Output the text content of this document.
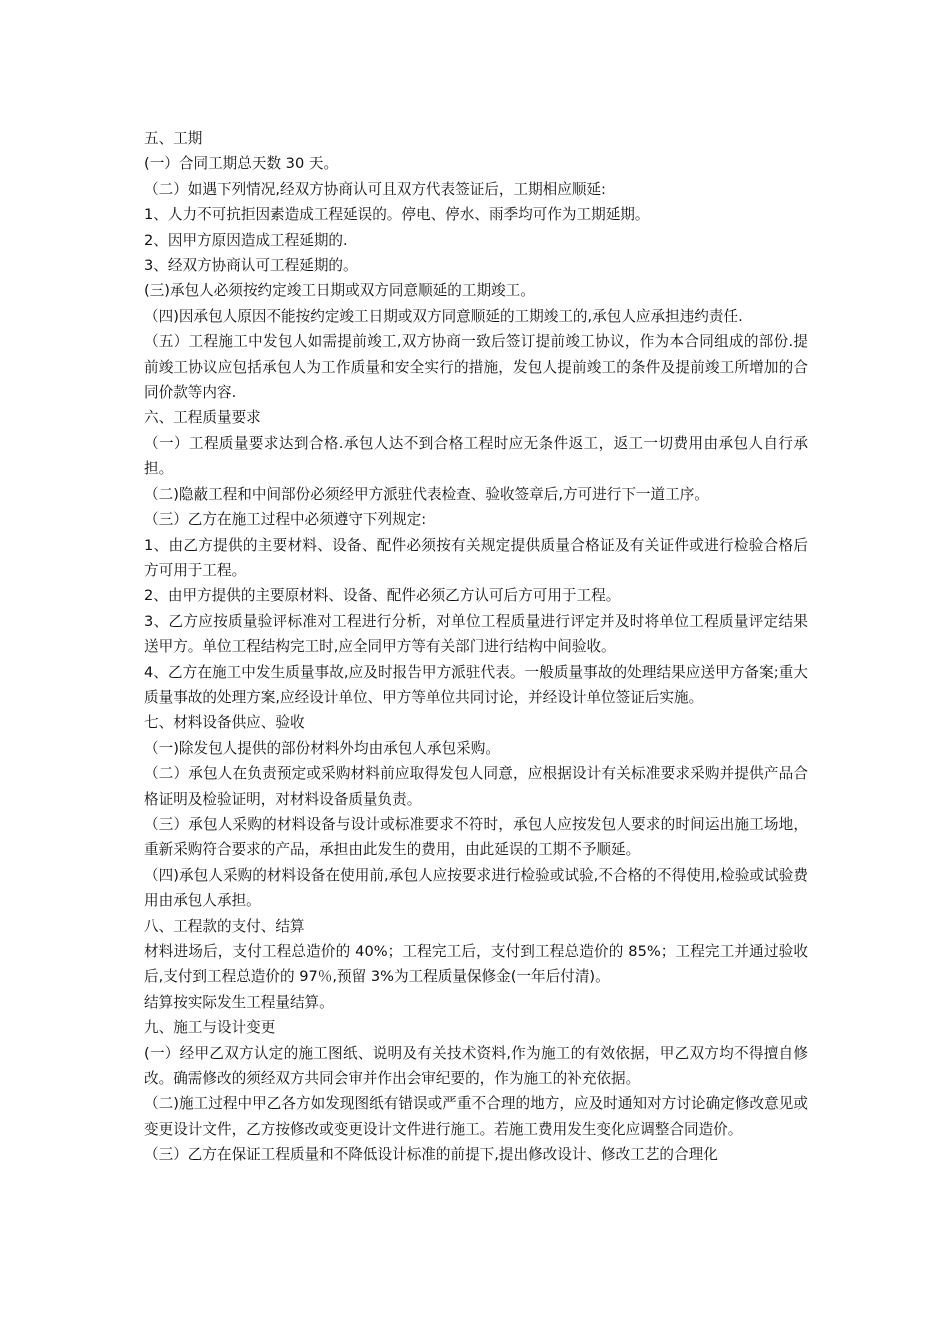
五、工期

(一）合同工期总天数 30 天。

（二）如遇下列情况,经双方协商认可且双方代表签证后，工期相应顺延:

1、人力不可抗拒因素造成工程延误的。停电、停水、雨季均可作为工期延期。

2、因甲方原因造成工程延期的.

3、经双方协商认可工程延期的。

(三)承包人必须按约定竣工日期或双方同意顺延的工期竣工。

（四)因承包人原因不能按约定竣工日期或双方同意顺延的工期竣工的,承包人应承担违约责任.

（五）工程施工中发包人如需提前竣工,双方协商一致后签订提前竣工协议，作为本合同组成的部份.提前竣工协议应包括承包人为工作质量和安全实行的措施，发包人提前竣工的条件及提前竣工所增加的合同价款等内容.

六、工程质量要求

（一）工程质量要求达到合格.承包人达不到合格工程时应无条件返工，返工一切费用由承包人自行承担。

（二)隐蔽工程和中间部份必须经甲方派驻代表检查、验收签章后,方可进行下一道工序。

（三）乙方在施工过程中必须遵守下列规定:

1、由乙方提供的主要材料、设备、配件必须按有关规定提供质量合格证及有关证件或进行检验合格后方可用于工程。

2、由甲方提供的主要原材料、设备、配件必须乙方认可后方可用于工程。

3、乙方应按质量验评标准对工程进行分析，对单位工程质量进行评定并及时将单位工程质量评定结果送甲方。单位工程结构完工时,应全同甲方等有关部门进行结构中间验收。

4、乙方在施工中发生质量事故,应及时报告甲方派驻代表。一般质量事故的处理结果应送甲方备案;重大质量事故的处理方案,应经设计单位、甲方等单位共同讨论，并经设计单位签证后实施。

七、材料设备供应、验收

（一)除发包人提供的部份材料外均由承包人承包采购。

（二）承包人在负责预定或采购材料前应取得发包人同意，应根据设计有关标准要求采购并提供产品合格证明及检验证明，对材料设备质量负责。

（三）承包人采购的材料设备与设计或标准要求不符时，承包人应按发包人要求的时间运出施工场地，重新采购符合要求的产品，承担由此发生的费用，由此延误的工期不予顺延。

（四)承包人采购的材料设备在使用前,承包人应按要求进行检验或试验,不合格的不得使用,检验或试验费用由承包人承担。

八、工程款的支付、结算

材料进场后，支付工程总造价的 40%；工程完工后，支付到工程总造价的 85%；工程完工并通过验收后,支付到工程总造价的 97％,预留 3%为工程质量保修金(一年后付清)。

结算按实际发生工程量结算。

九、施工与设计变更

(一）经甲乙双方认定的施工图纸、说明及有关技术资料,作为施工的有效依据，甲乙双方均不得擅自修改。确需修改的须经双方共同会审并作出会审纪要的，作为施工的补充依据。

（二)施工过程中甲乙各方如发现图纸有错误或严重不合理的地方，应及时通知对方讨论确定修改意见或变更设计文件，乙方按修改或变更设计文件进行施工。若施工费用发生变化应调整合同造价。

（三）乙方在保证工程质量和不降低设计标准的前提下,提出修改设计、修改工艺的合理化
